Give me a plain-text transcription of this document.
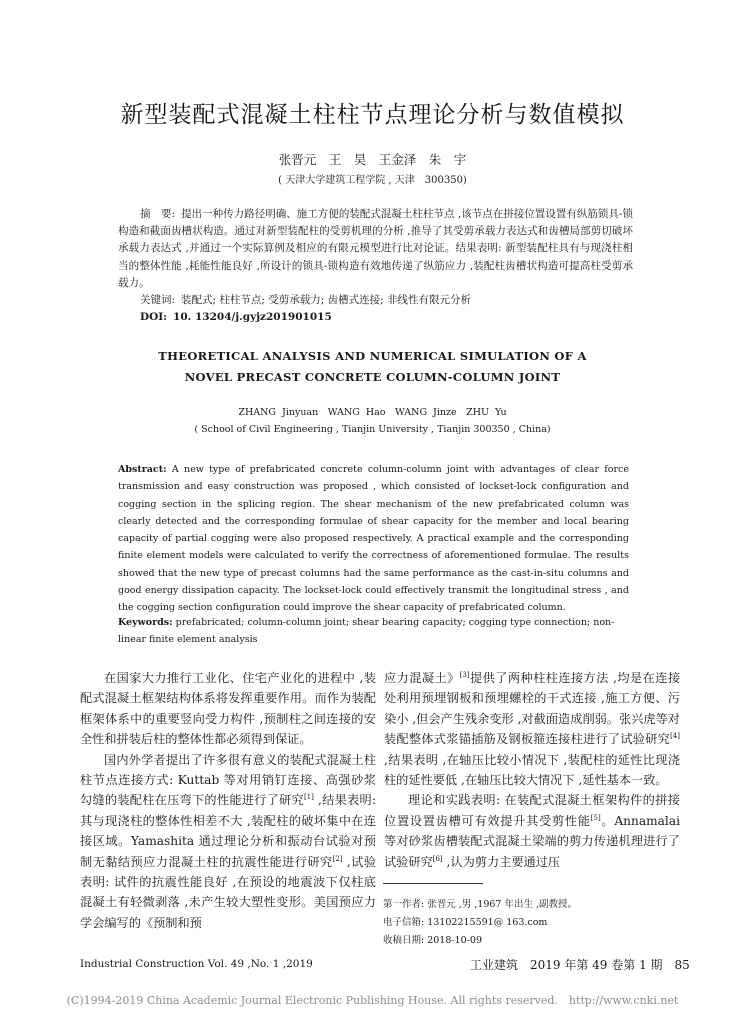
新型装配式混凝土柱柱节点理论分析与数值模拟
张晋元　王　昊　王金泽　朱　宇
( 天津大学建筑工程学院 , 天津　300350)
摘　要: 提出一种传力路径明确、施工方便的装配式混凝土柱柱节点 ,该节点在拼接位置设置有纵筋锁具-锁构造和截面齿槽状构造。通过对新型装配柱的受剪机理的分析 ,推导了其受剪承载力表达式和齿槽局部剪切破坏承载力表达式 ,并通过一个实际算例及相应的有限元模型进行比对论证。结果表明: 新型装配柱具有与现浇柱相当的整体性能 ,耗能性能良好 ,所设计的锁具-锁构造有效地传递了纵筋应力 ,装配柱齿槽状构造可提高柱受剪承载力。
关键词: 装配式; 柱柱节点; 受剪承载力; 齿槽式连接; 非线性有限元分析
DOI: 10. 13204/j.gyjz201901015
THEORETICAL ANALYSIS AND NUMERICAL SIMULATION OF A
NOVEL PRECAST CONCRETE COLUMN-COLUMN JOINT
ZHANG Jinyuan　WANG Hao　WANG Jinze　ZHU Yu
( School of Civil Engineering , Tianjin University , Tianjin 300350 , China)
Abstract: A new type of prefabricated concrete column-column joint with advantages of clear force transmission and easy construction was proposed , which consisted of lockset-lock configuration and cogging section in the splicing region. The shear mechanism of the new prefabricated column was clearly detected and the corresponding formulae of shear capacity for the member and local bearing capacity of partial cogging were also proposed respectively. A practical example and the corresponding finite element models were calculated to verify the correctness of aforementioned formulae. The results showed that the new type of precast columns had the same performance as the cast-in-situ columns and good energy dissipation capacity. The lockset-lock could effectively transmit the longitudinal stress , and the cogging section configuration could improve the shear capacity of prefabricated column.
Keywords: prefabricated; column-column joint; shear bearing capacity; cogging type connection; non-linear finite element analysis

在国家大力推行工业化、住宅产业化的进程中 ,装配式混凝土框架结构体系将发挥重要作用。而作为装配框架体系中的重要竖向受力构件 ,预制柱之间连接的安全性和拼装后柱的整体性都必须得到保证。

国内外学者提出了许多很有意义的装配式混凝土柱柱节点连接方式: Kuttab 等对用销钉连接、高强砂浆勾缝的装配柱在压弯下的性能进行了研究[1] ,结果表明: 其与现浇柱的整体性相差不大 ,装配柱的破坏集中在连接区域。Yamashita 通过理论分析和振动台试验对预制无黏结预应力混凝土柱的抗震性能进行研究[2] ,试验表明: 试件的抗震性能良好 ,在预设的地震波下仅柱底混凝土有轻微剥落 ,未产生较大塑性变形。美国预应力学会编写的《预制和预

应力混凝土》[3]提供了两种柱柱连接方法 ,均是在连接处利用预埋钢板和预埋螺栓的干式连接 ,施工方便、污染小 ,但会产生残余变形 ,对截面造成削弱。张兴虎等对装配整体式浆锚插筋及钢板箍连接柱进行了试验研究[4] ,结果表明 ,在轴压比较小情况下 ,装配柱的延性比现浇柱的延性要低 ,在轴压比较大情况下 ,延性基本一致。

理论和实践表明: 在装配式混凝土框架构件的拼接位置设置齿槽可有效提升其受剪性能[5]。Annamalai 等对砂浆齿槽装配式混凝土梁端的剪力传递机理进行了试验研究[6] ,认为剪力主要通过压

第一作者: 张晋元 ,男 ,1967 年出生 ,副教授。
电子信箱: 13102215591@ 163.com
收稿日期: 2018-10-09
Industrial Construction Vol. 49 ,No. 1 ,2019	工业建筑　2019 年第 49 卷第 1 期　85
(C)1994-2019 China Academic Journal Electronic Publishing House. All rights reserved.　http://www.cnki.net
